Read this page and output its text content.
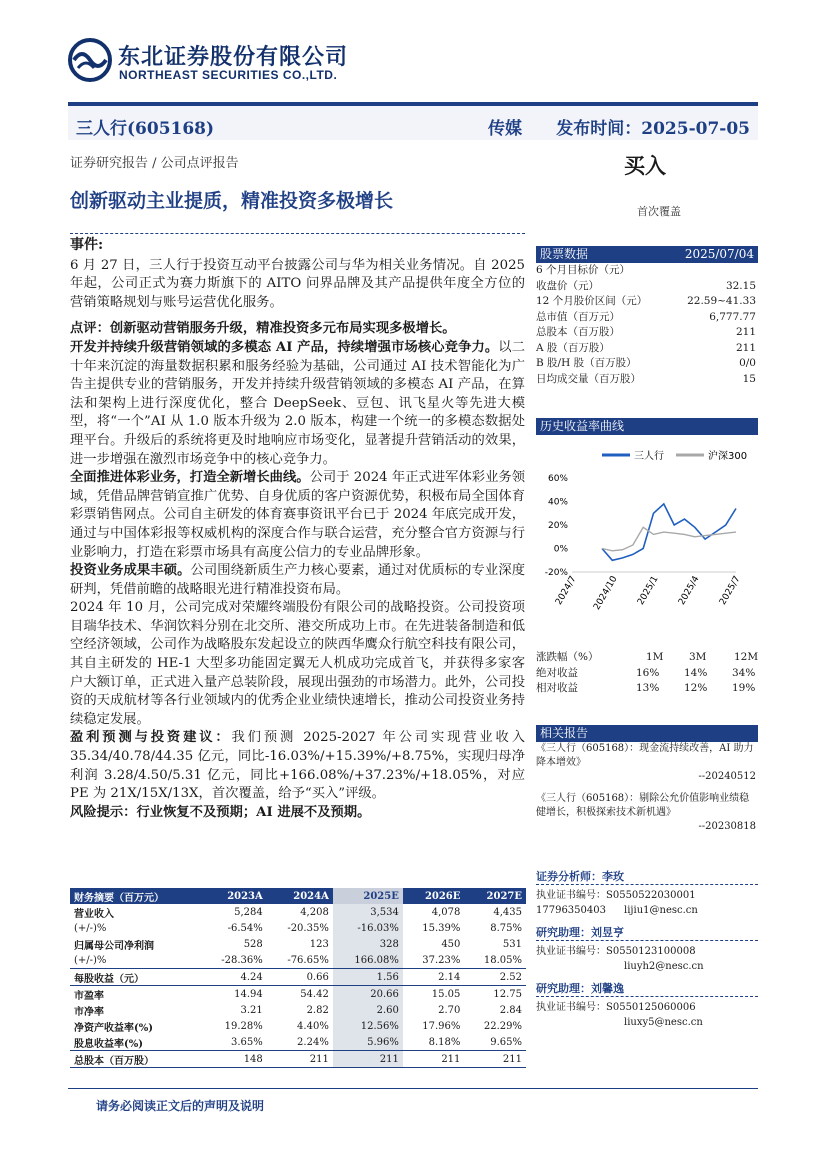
东北证券股份有限公司
NORTHEAST SECURITIES CO.,LTD.
三人行(605168)	传媒 发布时间：2025-07-05
证券研究报告 / 公司点评报告	买入
创新驱动主业提质，精准投资多极增长	首次覆盖

事件:

6 月 27 日，三人行于投资互动平台披露公司与华为相关业务情况。自 2025 年起，公司正式为赛力斯旗下的 AITO 问界品牌及其产品提供年度全方位的营销策略规划与账号运营优化服务。

点评：创新驱动营销服务升级，精准投资多元布局实现多极增长。

开发并持续升级营销领域的多模态 AI 产品，持续增强市场核心竞争力。以二十年来沉淀的海量数据积累和服务经验为基础，公司通过 AI 技术智能化为广告主提供专业的营销服务，开发并持续升级营销领域的多模态 AI 产品，在算法和架构上进行深度优化，整合 DeepSeek、豆包、讯飞星火等先进大模型，将“一个”AI 从 1.0 版本升级为 2.0 版本，构建一个统一的多模态数据处理平台。升级后的系统将更及时地响应市场变化，显著提升营销活动的效果，进一步增强在激烈市场竞争中的核心竞争力。

全面推进体彩业务，打造全新增长曲线。公司于 2024 年正式进军体彩业务领域，凭借品牌营销宣推广优势、自身优质的客户资源优势，积极布局全国体育彩票销售网点。公司自主研发的体育赛事资讯平台已于 2024 年底完成开发，通过与中国体彩报等权威机构的深度合作与联合运营，充分整合官方资源与行业影响力，打造在彩票市场具有高度公信力的专业品牌形象。

投资业务成果丰硕。公司围绕新质生产力核心要素，通过对优质标的专业深度研判，凭借前瞻的战略眼光进行精准投资布局。

2024 年 10 月，公司完成对荣耀终端股份有限公司的战略投资。公司投资项目瑞华技术、华润饮料分别在北交所、港交所成功上市。在先进装备制造和低空经济领域，公司作为战略股东发起设立的陕西华鹰众行航空科技有限公司，其自主研发的 HE-1 大型多功能固定翼无人机成功完成首飞，并获得多家客户大额订单，正式进入量产总装阶段，展现出强劲的市场潜力。此外，公司投资的天成航材等各行业领域内的优秀企业业绩快速增长，推动公司投资业务持续稳定发展。

盈利预测与投资建议：我们预测 2025-2027 年公司实现营业收入 35.34/40.78/44.35 亿元，同比-16.03%/+15.39%/+8.75%，实现归母净利润 3.28/4.50/5.31 亿元，同比+166.08%/+37.23%/+18.05%，对应 PE 为 21X/15X/13X，首次覆盖，给予“买入”评级。

风险提示：行业恢复不及预期；AI 进展不及预期。

股票数据	2025/07/04
6 个月目标价（元）
收盘价（元）	32.15
12 个月股价区间（元）	22.59~41.33
总市值（百万元）	6,777.77
总股本（百万股）	211
A 股（百万股）	211
B 股/H 股（百万股）	0/0
日均成交量（百万股）	15
历史收益率曲线
三人行	沪深300
60%
40%
20%
0%
-20%
2024/7 2024/10 2025/1 2025/4 2025/7
涨跌幅（%）	1M 3M	12M
绝对收益	16% 14% 34%
相对收益	13% 12% 19%
相关报告
《三人行（605168）：现金流持续改善，AI 助力降本增效》
--20240512
《三人行（605168）：剔除公允价值影响业绩稳健增长，积极探索技术新机遇》
--20230818
证券分析师：李玫
执业证书编号：S0550522030001
17796350403 lijiu1@nesc.cn
研究助理：刘昱亨
执业证书编号：S0550123100008
liuyh2@nesc.cn
研究助理：刘馨逸
执业证书编号：S0550125060006
liuxy5@nesc.cn
财务摘要（百万元）	2023A	2024A	2025E	2026E	2027E
营业收入	5,284	4,208	3,534	4,078	4,435
(+/-)%	-6.54%	-20.35%	-16.03%	15.39%	8.75%
归属母公司净利润	528	123	328	450	531
(+/-)%	-28.36%	-76.65%	166.08%	37.23%	18.05%
每股收益（元）	4.24	0.66	1.56	2.14	2.52
市盈率	14.94	54.42	20.66	15.05	12.75
市净率	3.21	2.82	2.60	2.70	2.84
净资产收益率(%)	19.28%	4.40%	12.56%	17.96%	22.29%
股息收益率(%)	3.65%	2.24%	5.96%	8.18%	9.65%
总股本（百万股）	148	211	211	211	211
请务必阅读正文后的声明及说明
